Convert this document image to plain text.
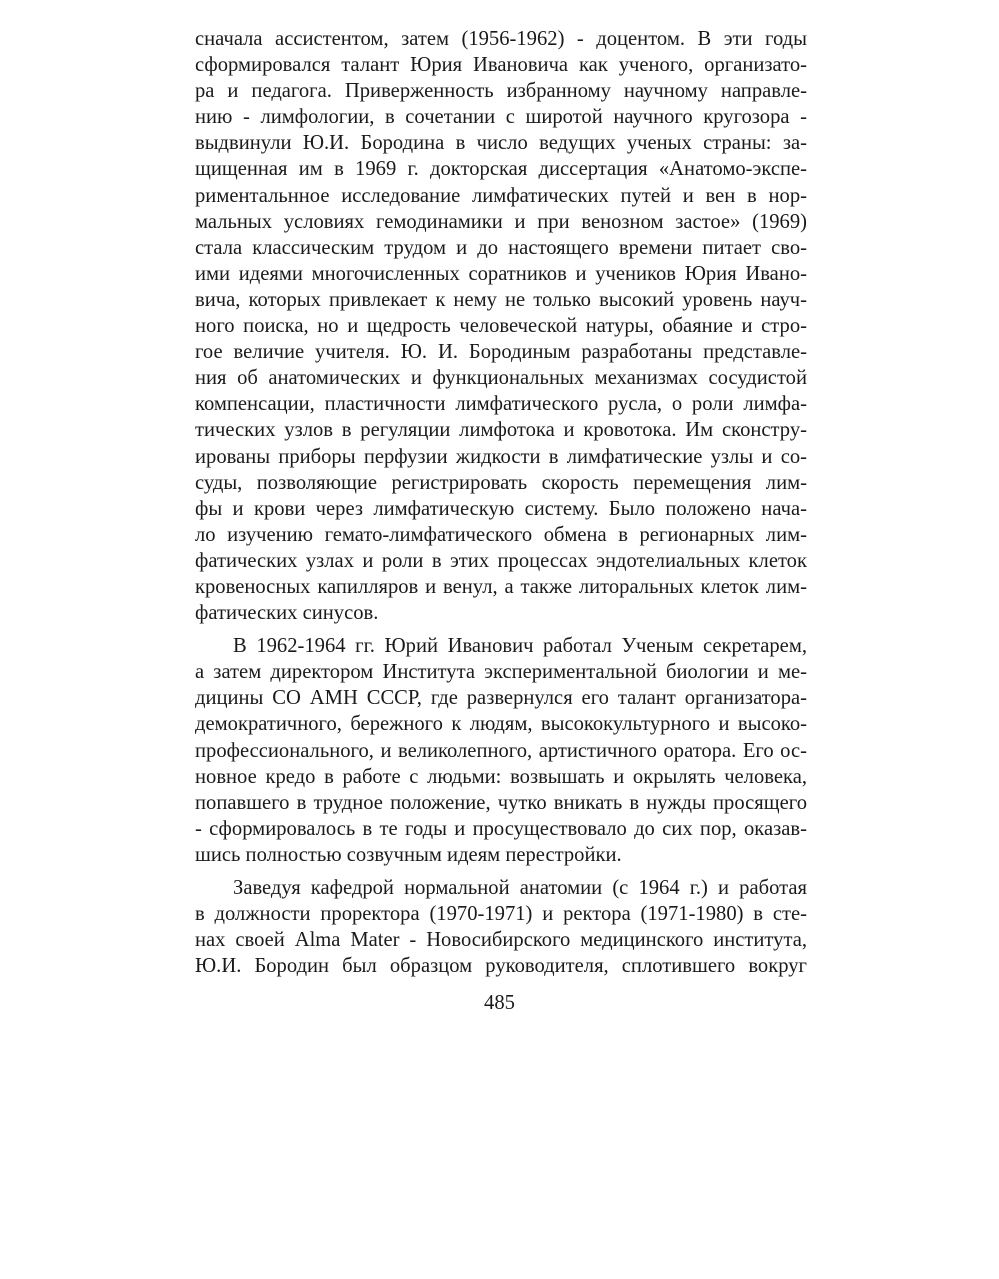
сначала ассистентом, затем (1956-1962) - доцентом. В эти годы
сформировался талант Юрия Ивановича как ученого, организато-
ра и педагога. Приверженность избранному научному направле-
нию - лимфологии, в сочетании с широтой научного кругозора -
выдвинули Ю.И. Бородина в число ведущих ученых страны: за-
щищенная им в 1969 г. докторская диссертация «Анатомо-экспе-
риментальнное исследование лимфатических путей и вен в нор-
мальных условиях гемодинамики и при венозном застое» (1969)
стала классическим трудом и до настоящего времени питает сво-
ими идеями многочисленных соратников и учеников Юрия Ивано-
вича, которых привлекает к нему не только высокий уровень науч-
ного поиска, но и щедрость человеческой натуры, обаяние и стро-
гое величие учителя. Ю. И. Бородиным разработаны представле-
ния об анатомических и функциональных механизмах сосудистой
компенсации, пластичности лимфатического русла, о роли лимфа-
тических узлов в регуляции лимфотока и кровотока. Им сконстру-
ированы приборы перфузии жидкости в лимфатические узлы и со-
суды, позволяющие регистрировать скорость перемещения лим-
фы и крови через лимфатическую систему. Было положено нача-
ло изучению гемато-лимфатического обмена в регионарных лим-
фатических узлах и роли в этих процессах эндотелиальных клеток
кровеносных капилляров и венул, а также литоральных клеток лим-
фатических синусов.
В 1962-1964 гг. Юрий Иванович работал Ученым секретарем,
а затем директором Института экспериментальной биологии и ме-
дицины СО АМН СССР, где развернулся его талант организатора-
демократичного, бережного к людям, высококультурного и высоко-
профессионального, и великолепного, артистичного оратора. Его ос-
новное кредо в работе с людьми: возвышать и окрылять человека,
попавшего в трудное положение, чутко вникать в нужды просящего
- сформировалось в те годы и просуществовало до сих пор, оказав-
шись полностью созвучным идеям перестройки.
Заведуя кафедрой нормальной анатомии (с 1964 г.) и работая
в должности проректора (1970-1971) и ректора (1971-1980) в сте-
нах своей Alma Mater - Новосибирского медицинского института,
Ю.И. Бородин был образцом руководителя, сплотившего вокруг
485
